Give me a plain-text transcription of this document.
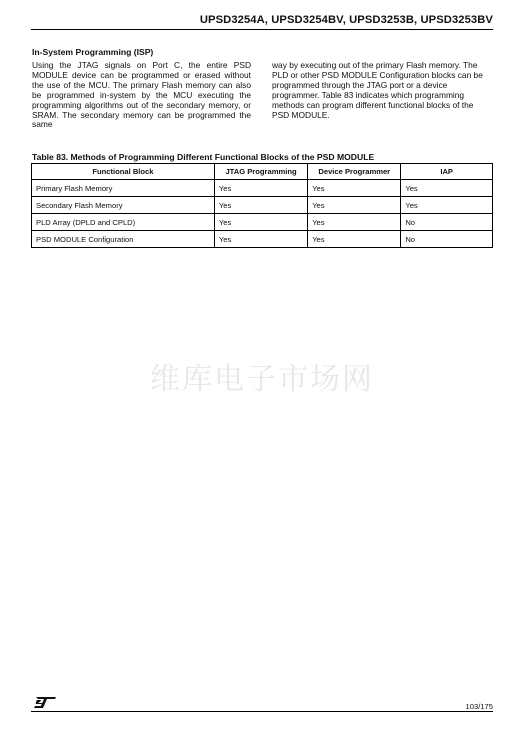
UPSD3254A, UPSD3254BV, UPSD3253B, UPSD3253BV
In-System Programming (ISP)
Using the JTAG signals on Port C, the entire PSD MODULE device can be programmed or erased without the use of the MCU. The primary Flash memory can also be programmed in-system by the MCU executing the programming algorithms out of the secondary memory, or SRAM. The secondary memory can be programmed the same
way by executing out of the primary Flash memory. The PLD or other PSD MODULE Configuration blocks can be programmed through the JTAG port or a device programmer. Table 83 indicates which programming methods can program different functional blocks of the PSD MODULE.
Table 83. Methods of Programming Different Functional Blocks of the PSD MODULE
Functional Block	JTAG Programming	Device Programmer	IAP
Primary Flash Memory	Yes	Yes	Yes
Secondary Flash Memory	Yes	Yes	Yes
PLD Array (DPLD and CPLD)	Yes	Yes	No
PSD MODULE Configuration	Yes	Yes	No
维库电子市场网
103/175
